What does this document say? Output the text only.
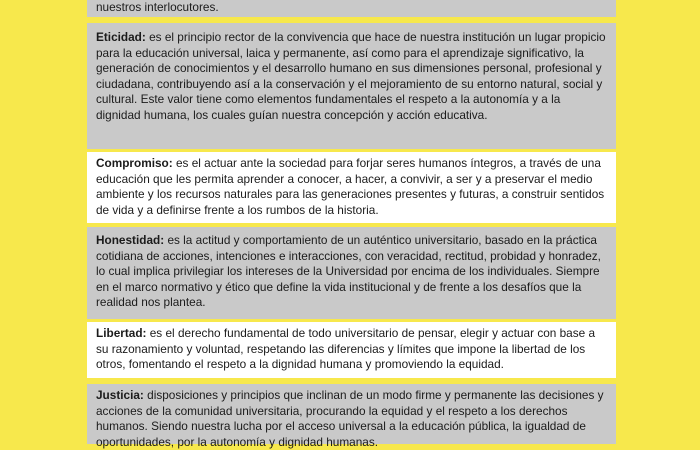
nuestros interlocutores.
Eticidad: es el principio rector de la convivencia que hace de nuestra institución un lugar propicio para la educación universal, laica y permanente, así como para el aprendizaje significativo, la generación de conocimientos y el desarrollo humano en sus dimensiones personal, profesional y ciudadana, contribuyendo así a la conservación y el mejoramiento de su entorno natural, social y cultural. Este valor tiene como elementos fundamentales el respeto a la autonomía y a la dignidad humana, los cuales guían nuestra concepción y acción educativa.
Compromiso: es el actuar ante la sociedad para forjar seres humanos íntegros, a través de una educación que les permita aprender a conocer, a hacer, a convivir, a ser y a preservar el medio ambiente y los recursos naturales para las generaciones presentes y futuras, a construir sentidos de vida y a definirse frente a los rumbos de la historia.
Honestidad: es la actitud y comportamiento de un auténtico universitario, basado en la práctica cotidiana de acciones, intenciones e interacciones, con veracidad, rectitud, probidad y honradez, lo cual implica privilegiar los intereses de la Universidad por encima de los individuales. Siempre en el marco normativo y ético que define la vida institucional y de frente a los desafíos que la realidad nos plantea.
Libertad: es el derecho fundamental de todo universitario de pensar, elegir y actuar con base a su razonamiento y voluntad, respetando las diferencias y límites que impone la libertad de los otros, fomentando el respeto a la dignidad humana y promoviendo la equidad.
Justicia: disposiciones y principios que inclinan de un modo firme y permanente las decisiones y acciones de la comunidad universitaria, procurando la equidad y el respeto a los derechos humanos. Siendo nuestra lucha por el acceso universal a la educación pública, la igualdad de oportunidades, por la autonomía y dignidad humanas.
